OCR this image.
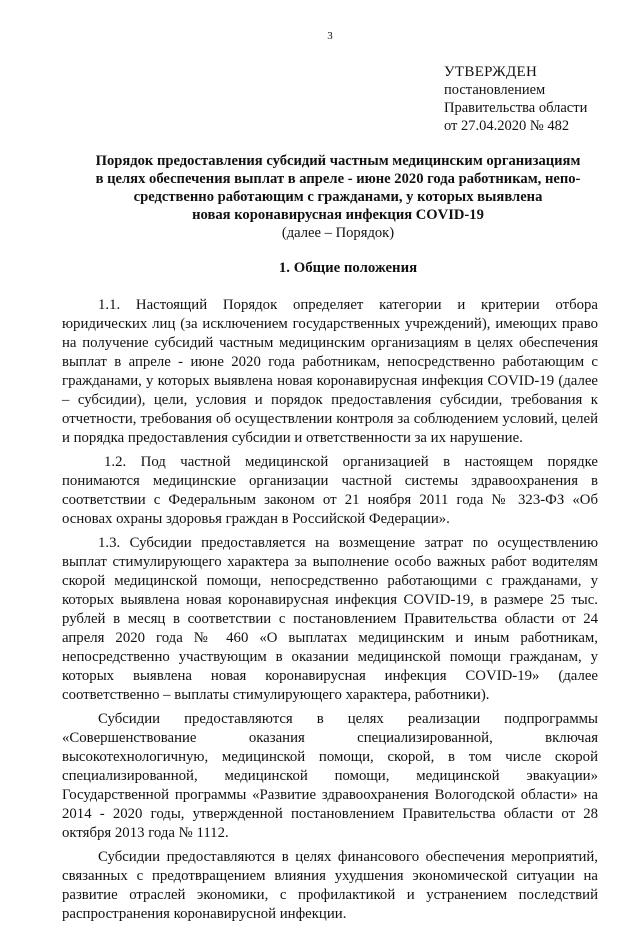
3
УТВЕРЖДЕН
постановлением
Правительства области
от 27.04.2020 № 482
Порядок предоставления субсидий частным медицинским организациям
в целях обеспечения выплат в апреле - июне 2020 года работникам, непо-
средственно работающим с гражданами, у которых выявлена
новая коронавирусная инфекция COVID-19
(далее – Порядок)
1. Общие положения

1.1. Настоящий Порядок определяет категории и критерии отбора юридических лиц (за исключением государственных учреждений), имеющих право на получение субсидий частным медицинским организациям в целях обеспечения выплат в апреле - июне 2020 года работникам, непосредственно работающим с гражданами, у которых выявлена новая коронавирусная инфекция COVID-19 (далее – субсидии), цели, условия и порядок предоставления субсидии, требования к отчетности, требования об осуществлении контроля за соблюдением условий, целей и порядка предоставления субсидии и ответственности за их нарушение.

1.2. Под частной медицинской организацией в настоящем порядке понимаются медицинские организации частной системы здравоохранения в соответствии с Федеральным законом от 21 ноября 2011 года № 323-ФЗ «Об основах охраны здоровья граждан в Российской Федерации».

1.3. Субсидии предоставляется на возмещение затрат по осуществлению выплат стимулирующего характера за выполнение особо важных работ водителям скорой медицинской помощи, непосредственно работающими с гражданами, у которых выявлена новая коронавирусная инфекция COVID-19, в размере 25 тыс. рублей в месяц в соответствии с постановлением Правительства области от 24 апреля 2020 года № 460 «О выплатах медицинским и иным работникам, непосредственно участвующим в оказании медицинской помощи гражданам, у которых выявлена новая коронавирусная инфекция COVID-19» (далее соответственно – выплаты стимулирующего характера, работники).

Субсидии предоставляются в целях реализации подпрограммы «Совершенствование оказания специализированной, включая высокотехнологичную, медицинской помощи, скорой, в том числе скорой специализированной, медицинской помощи, медицинской эвакуации» Государственной программы «Развитие здравоохранения Вологодской области» на 2014 - 2020 годы, утвержденной постановлением Правительства области от 28 октября 2013 года № 1112.

Субсидии предоставляются в целях финансового обеспечения мероприятий, связанных с предотвращением влияния ухудшения экономической ситуации на развитие отраслей экономики, с профилактикой и устранением последствий распространения коронавирусной инфекции.
